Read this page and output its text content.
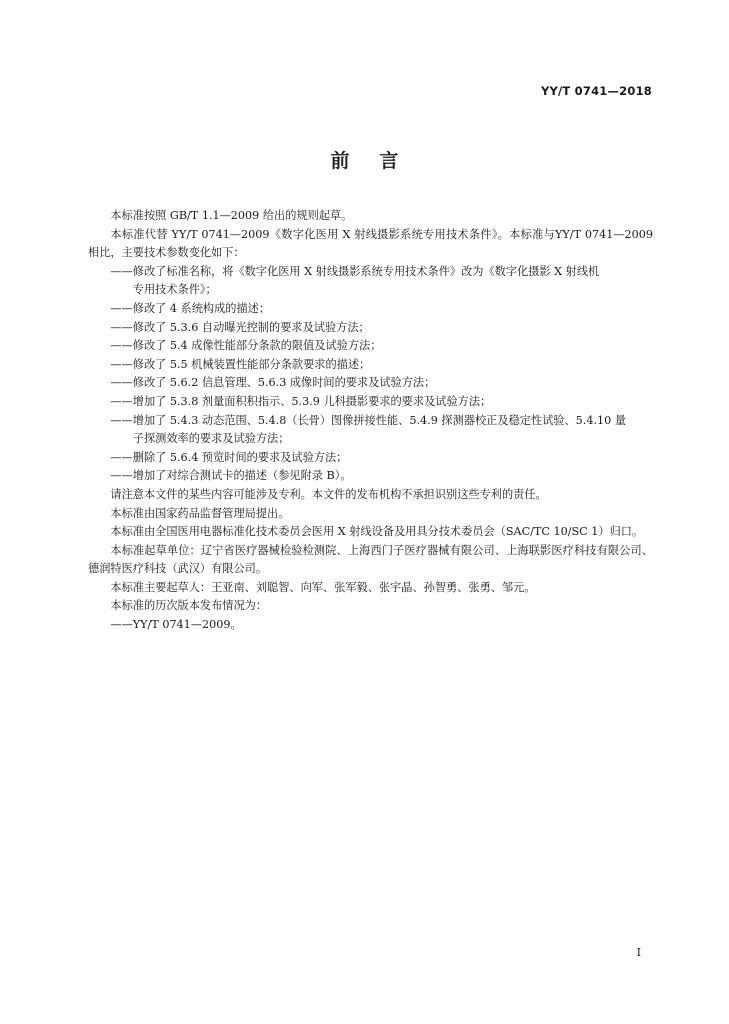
YY/T 0741—2018
前言

本标准按照 GB/T 1.1—2009 给出的规则起草。

本标准代替 YY/T 0741—2009《数字化医用 X 射线摄影系统专用技术条件》。本标准与YY/T 0741—2009 相比，主要技术参数变化如下：

——修改了标准名称，将《数字化医用 X 射线摄影系统专用技术条件》改为《数字化摄影 X 射线机
专用技术条件》；

——修改了 4 系统构成的描述；

——修改了 5.3.6 自动曝光控制的要求及试验方法；

——修改了 5.4 成像性能部分条款的限值及试验方法；

——修改了 5.5 机械装置性能部分条款要求的描述；

——修改了 5.6.2 信息管理、5.6.3 成像时间的要求及试验方法；

——增加了 5.3.8 剂量面积积指示、5.3.9 儿科摄影要求的要求及试验方法；

——增加了 5.4.3 动态范围、5.4.8（长骨）图像拼接性能、5.4.9 探测器校正及稳定性试验、5.4.10 量
子探测效率的要求及试验方法；

——删除了 5.6.4 预览时间的要求及试验方法；

——增加了对综合测试卡的描述（参见附录 B）。

请注意本文件的某些内容可能涉及专利。本文件的发布机构不承担识别这些专利的责任。

本标准由国家药品监督管理局提出。

本标准由全国医用电器标准化技术委员会医用 X 射线设备及用具分技术委员会（SAC/TC 10/SC 1）归口。

本标准起草单位：辽宁省医疗器械检验检测院、上海西门子医疗器械有限公司、上海联影医疗科技有限公司、德润特医疗科技（武汉）有限公司。

本标准主要起草人：王亚南、刘聪智、向军、张军毅、张宇晶、孙智勇、张勇、邹元。

本标准的历次版本发布情况为：

——YY/T 0741—2009。

I
